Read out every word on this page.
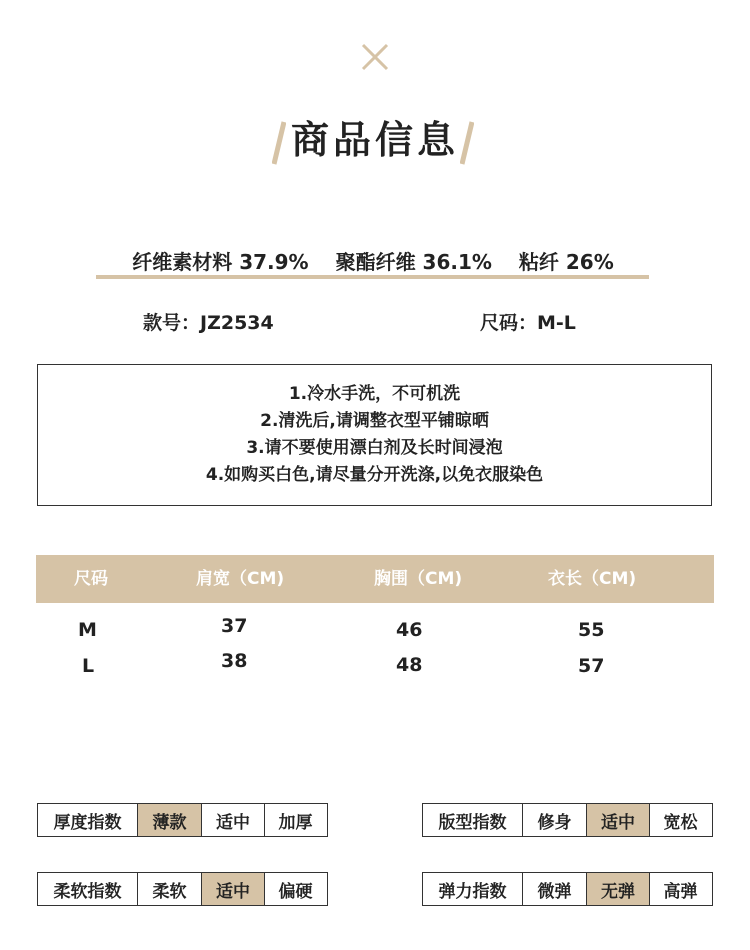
商品信息
纤维素材料 37.9% 聚酯纤维 36.1% 粘纤 26%
款号：JZ2534	尺码：M-L
1.冷水手洗，不可机洗
2.清洗后,请调整衣型平铺晾晒
3.请不要使用漂白剂及长时间浸泡
4.如购买白色,请尽量分开洗涤,以免衣服染色
尺码	肩宽（CM)	胸围（CM)	衣长（CM)
M	37	46	55
L	38	48	57
厚度指数	薄款	适中	加厚	版型指数	修身	适中	宽松
柔软指数	柔软	适中	偏硬	弹力指数	微弹	无弹	高弹
